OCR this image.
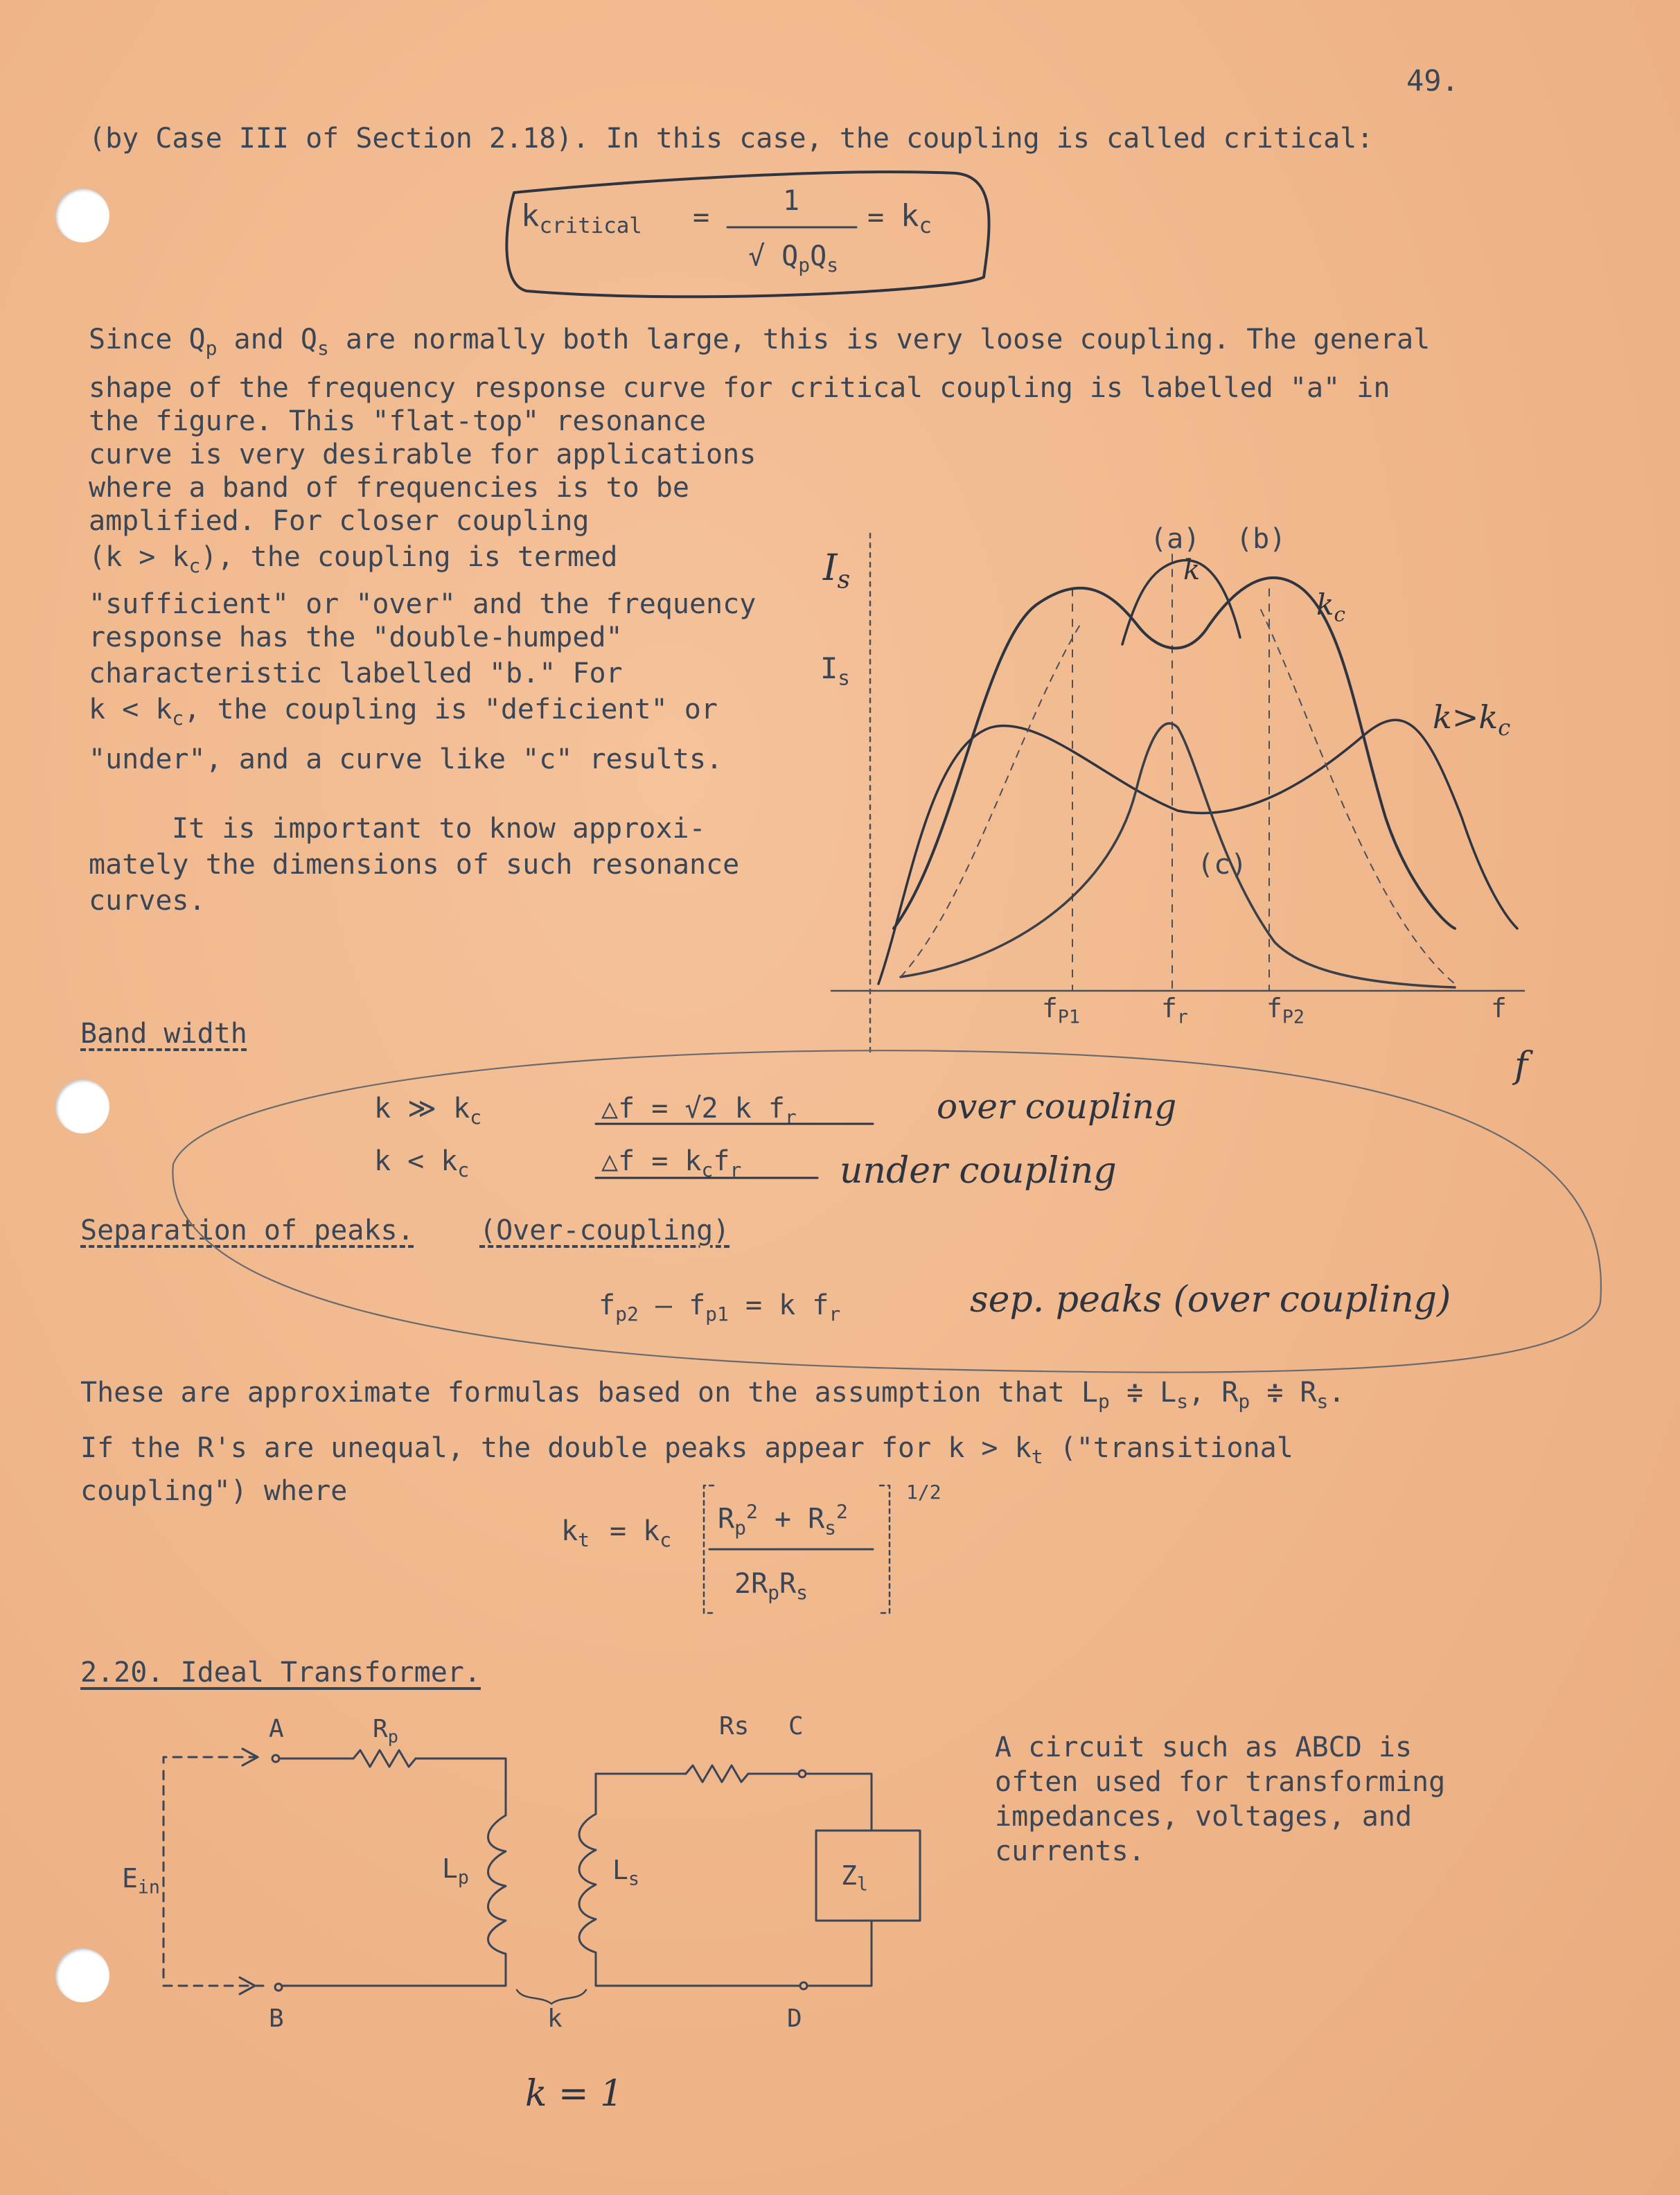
49.
(by Case III of Section 2.18). In this case, the coupling is called critical:
$k_{critical}$ =
1
√ $Q_pQ_s$
= $k_c$
Since $Q_p$ and $Q_s$ are normally both large, this is very loose coupling. The general
shape of the frequency response curve for critical coupling is labelled "a" in
the figure. This "flat-top" resonance
curve is very desirable for applications
where a band of frequencies is to be
amplified. For closer coupling
$(k > k_c)$, the coupling is termed
"sufficient" or "over" and the frequency
response has the "double-humped"
characteristic labelled "b." For
$k < k_c$, the coupling is "deficient" or
"under", and a curve like "c" results.
It is important to know approxi-
mately the dimensions of such resonance
curves.
$I_s$
$I_s$
(a) (b)
(c)
k
$k_c$
$k>k_c$
$f_{P1}$	$f_r$	$f_{P2}$	f
f
Band width
k ≫ $k_c$	△f = √2 k $f_r$	over coupling
$k < k_c$	△f = $k_cf_r$	under coupling
Separation of peaks. (Over-coupling)
$f_{p2}$ — $f_{p1} = k$ $f_r$	sep. peaks (over coupling)
These are approximate formulas based on the assumption that $L_p$ ≑ $L_s$, $R_p$ ≑ $R_s$.
If the R's are unequal, the double peaks appear for $k > k_t$ ("transitional
coupling") where
$k_t = k_c$
$R_p^2 + R_s^2$
$2R_pR_s$
1/2
2.20. Ideal Transformer.
A
B
C
D
$R_p$	Rs
$E_{in}$
$L_p$	$L_s$	$Z_l$
k
k = 1
A circuit such as ABCD is
often used for transforming
impedances, voltages, and
currents.
